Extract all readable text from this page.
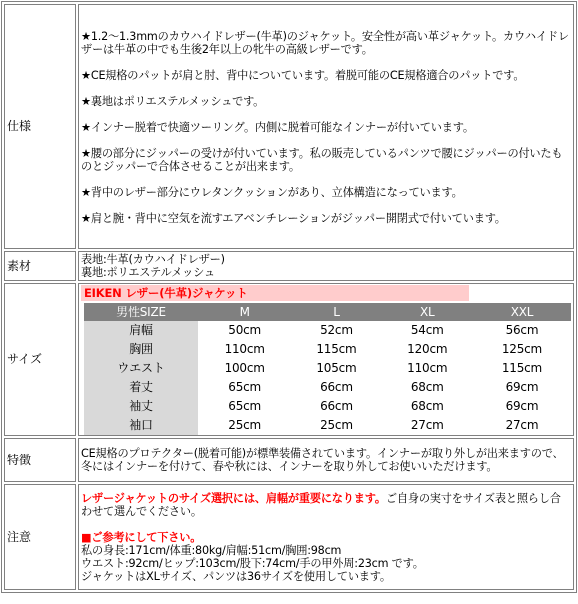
仕様	
★1.2〜1.3mmのカウハイドレザー(牛革)のジャケット。安全性が高い革ジャケット。カウハイドレザーは牛革の中でも生後2年以上の牝牛の高級レザーです。
★CE規格のパットが肩と肘、背中についています。着脱可能のCE規格適合のパットです。
★裏地はポリエステルメッシュです。
★インナー脱着で快適ツーリング。内側に脱着可能なインナーが付いています。
★腰の部分にジッパーの受けが付いています。私の販売しているパンツで腰にジッパーの付いたものとジッパーで合体させることが出来ます。
★背中のレザー部分にウレタンクッションがあり、立体構造になっています。
★肩と腕・背中に空気を流すエアベンチレーションがジッパー開閉式で付いています。

素材	表地:牛革(カウハイドレザー)
裏地:ポリエステルメッシュ

サイズ	
EIKEN レザー(牛革)ジャケット
男性SIZE	M	L	XL	XXL
肩幅	50cm	52cm	54cm	56cm
胸囲	110cm	115cm	120cm	125cm
ウエスト	100cm	105cm	110cm	115cm
着丈	65cm	66cm	68cm	69cm
袖丈	65cm	66cm	68cm	69cm
袖口	25cm	25cm	27cm	27cm

特徴	CE規格のプロテクター(脱着可能)が標準装備されています。インナーが取り外しが出来ますので、冬にはインナーを付けて、春や秋には、インナーを取り外してお使いいただけます。
注意	
レザージャケットのサイズ選択には、肩幅が重要になります。ご自身の実寸をサイズ表と照らし合わせて選んでください。
■ご参考にして下さい。
私の身長:171cm/体重:80kg/肩幅:51cm/胸囲:98cm
ウエスト:92cm/ヒップ:103cm/股下:74cm/手の甲外周:23cm です。
ジャケットはXLサイズ、パンツは36サイズを使用しています。
